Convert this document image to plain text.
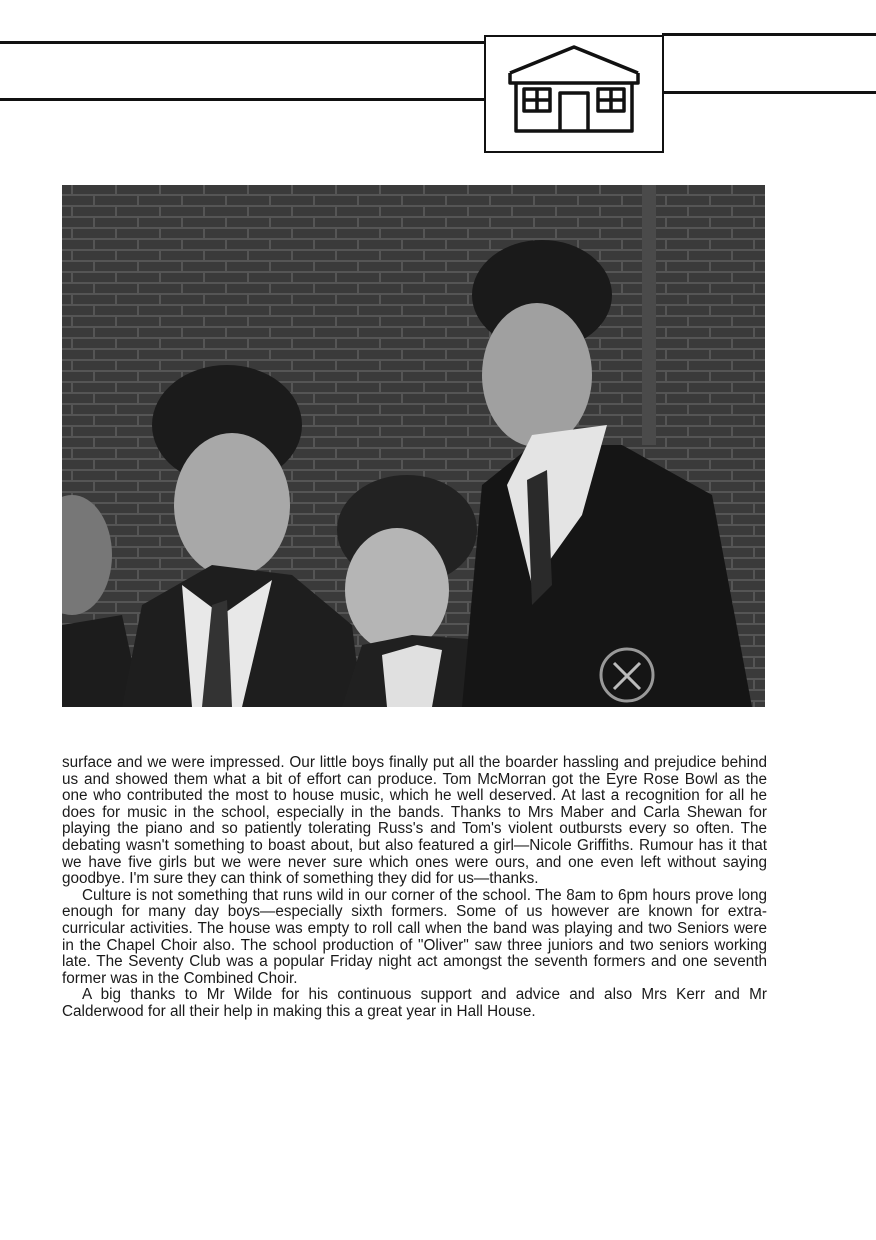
surface and we were impressed. Our little boys finally put all the boarder hassling and prejudice behind us and showed them what a bit of effort can produce. Tom McMorran got the Eyre Rose Bowl as the one who contributed the most to house music, which he well deserved. At last a recognition for all he does for music in the school, especially in the bands. Thanks to Mrs Maber and Carla Shewan for playing the piano and so patiently tolerating Russ's and Tom's violent outbursts every so often. The debating wasn't something to boast about, but also featured a girl—Nicole Griffiths. Rumour has it that we have five girls but we were never sure which ones were ours, and one even left without saying goodbye. I'm sure they can think of something they did for us—thanks.

Culture is not something that runs wild in our corner of the school. The 8am to 6pm hours prove long enough for many day boys—especially sixth formers. Some of us however are known for extra-curricular activities. The house was empty to roll call when the band was playing and two Seniors were in the Chapel Choir also. The school production of "Oliver" saw three juniors and two seniors working late. The Seventy Club was a popular Friday night act amongst the seventh formers and one seventh former was in the Combined Choir.

A big thanks to Mr Wilde for his continuous support and advice and also Mrs Kerr and Mr Calderwood for all their help in making this a great year in Hall House.
